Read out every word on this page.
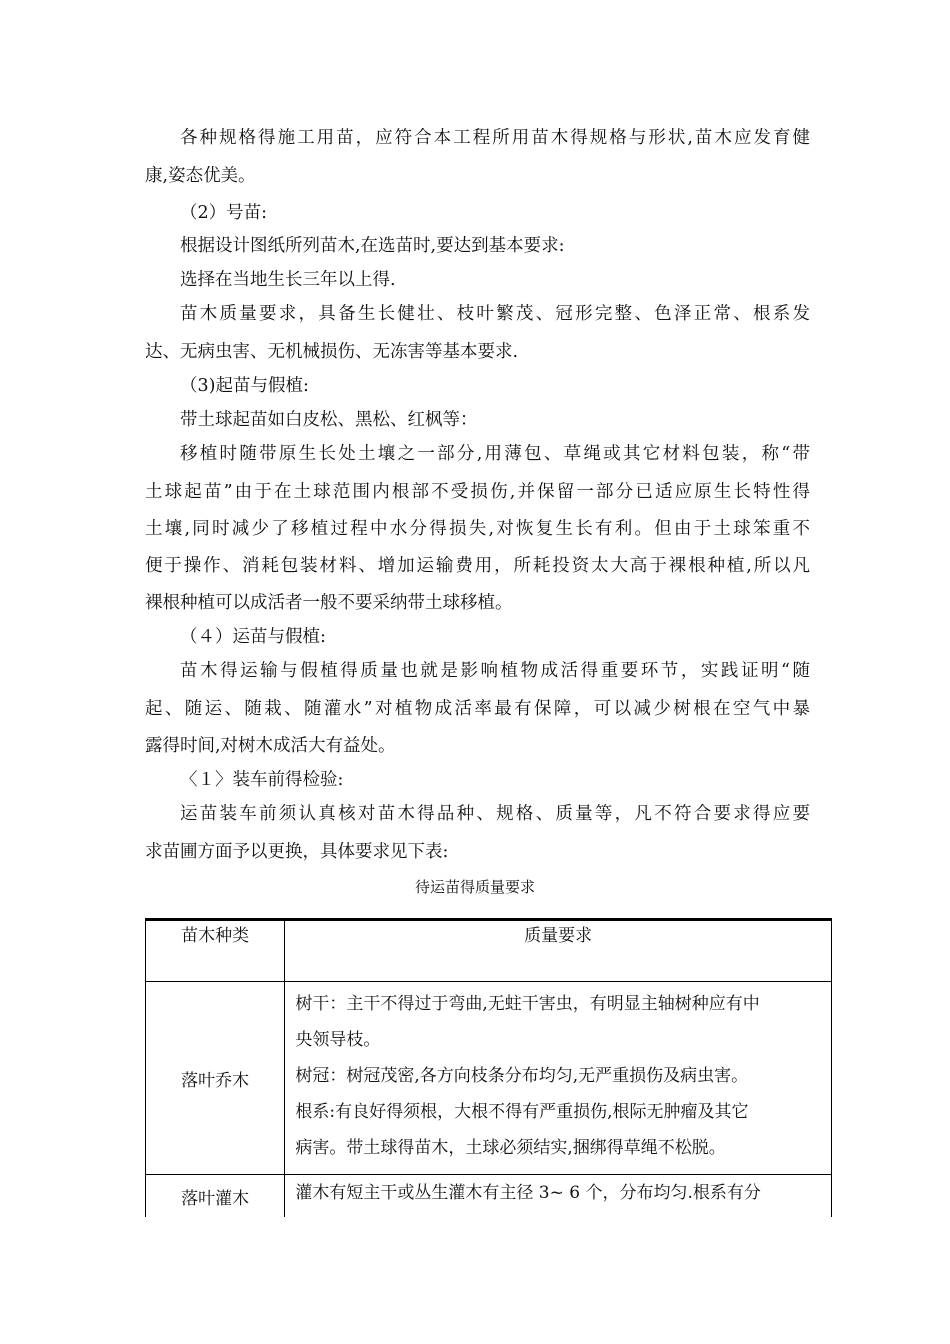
各种规格得施工用苗，应符合本工程所用苗木得规格与形状,苗木应发育健
康,姿态优美。
（2）号苗:
根据设计图纸所列苗木,在选苗时,要达到基本要求:
选择在当地生长三年以上得.
苗木质量要求，具备生长健壮、枝叶繁茂、冠形完整、色泽正常、根系发
达、无病虫害、无机械损伤、无冻害等基本要求.
（3)起苗与假植:
带土球起苗如白皮松、黑松、红枫等：
移植时随带原生长处土壤之一部分,用薄包、草绳或其它材料包装，称“带
土球起苗”由于在土球范围内根部不受损伤,并保留一部分已适应原生长特性得
土壤,同时减少了移植过程中水分得损失,对恢复生长有利。但由于土球笨重不
便于操作、消耗包装材料、增加运输费用，所耗投资太大高于裸根种植,所以凡
裸根种植可以成活者一般不要采纳带土球移植。
（４）运苗与假植:
苗木得运输与假植得质量也就是影响植物成活得重要环节，实践证明“随
起、随运、随栽、随灌水”对植物成活率最有保障，可以减少树根在空气中暴
露得时间,对树木成活大有益处。
〈１〉装车前得检验:
运苗装车前须认真核对苗木得品种、规格、质量等，凡不符合要求得应要
求苗圃方面予以更换，具体要求见下表:
待运苗得质量要求
苗木种类	质量要求
落叶乔木	树干：主干不得过于弯曲,无蛀干害虫，有明显主轴树种应有中
央领导枝。
树冠：树冠茂密,各方向枝条分布均匀,无严重损伤及病虫害。
根系:有良好得须根，大根不得有严重损伤,根际无肿瘤及其它
病害。带土球得苗木，土球必须结实,捆绑得草绳不松脱。

落叶灌木	灌木有短主干或丛生灌木有主径 3~ 6 个，分布均匀.根系有分
